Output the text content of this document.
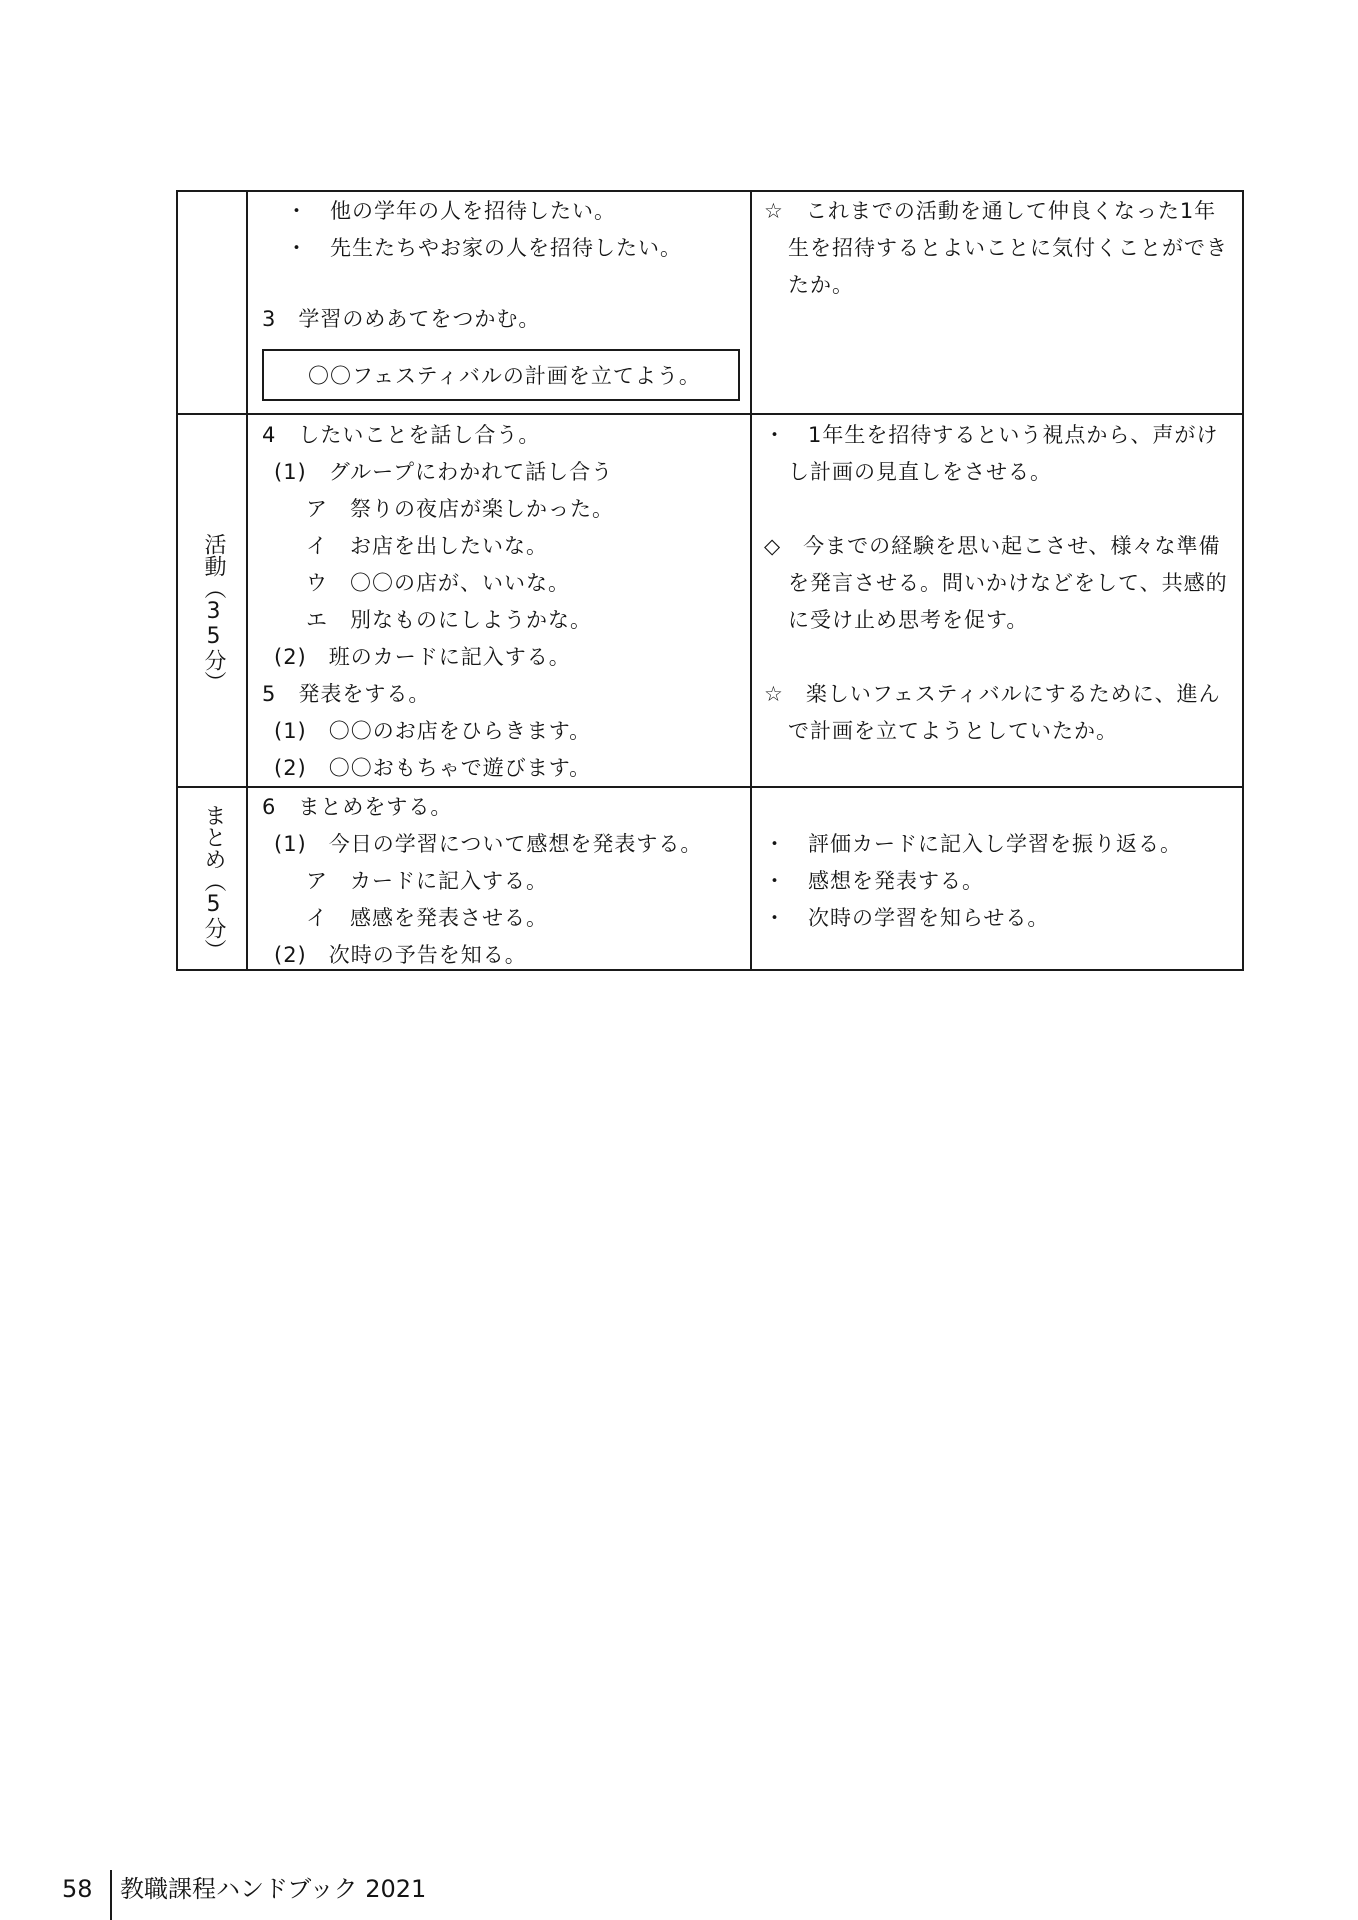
・　他の学年の人を招待したい。
・　先生たちやお家の人を招待したい。
3　学習のめあてをつかむ。
〇〇フェスティバルの計画を立てよう。
☆　これまでの活動を通して仲良くなった1年
生を招待するとよいことに気付くことができ
たか。
活動（35分）
4　したいことを話し合う。
(1)　グループにわかれて話し合う
ア　祭りの夜店が楽しかった。
イ　お店を出したいな。
ウ　〇〇の店が、いいな。
エ　別なものにしようかな。
(2)　班のカードに記入する。
5　発表をする。
(1)　〇〇のお店をひらきます。
(2)　〇〇おもちゃで遊びます。
・　1年生を招待するという視点から、声がけ
し計画の見直しをさせる。
◇　今までの経験を思い起こさせ、様々な準備
を発言させる。問いかけなどをして、共感的
に受け止め思考を促す。
☆　楽しいフェスティバルにするために、進ん
で計画を立てようとしていたか。
まとめ（5分） 6　まとめをする。
(1)　今日の学習について感想を発表する。
ア　カードに記入する。
イ　感感を発表させる。
(2)　次時の予告を知る。
・　評価カードに記入し学習を振り返る。
・　感想を発表する。
・　次時の学習を知らせる。
58 教職課程ハンドブック 2021
